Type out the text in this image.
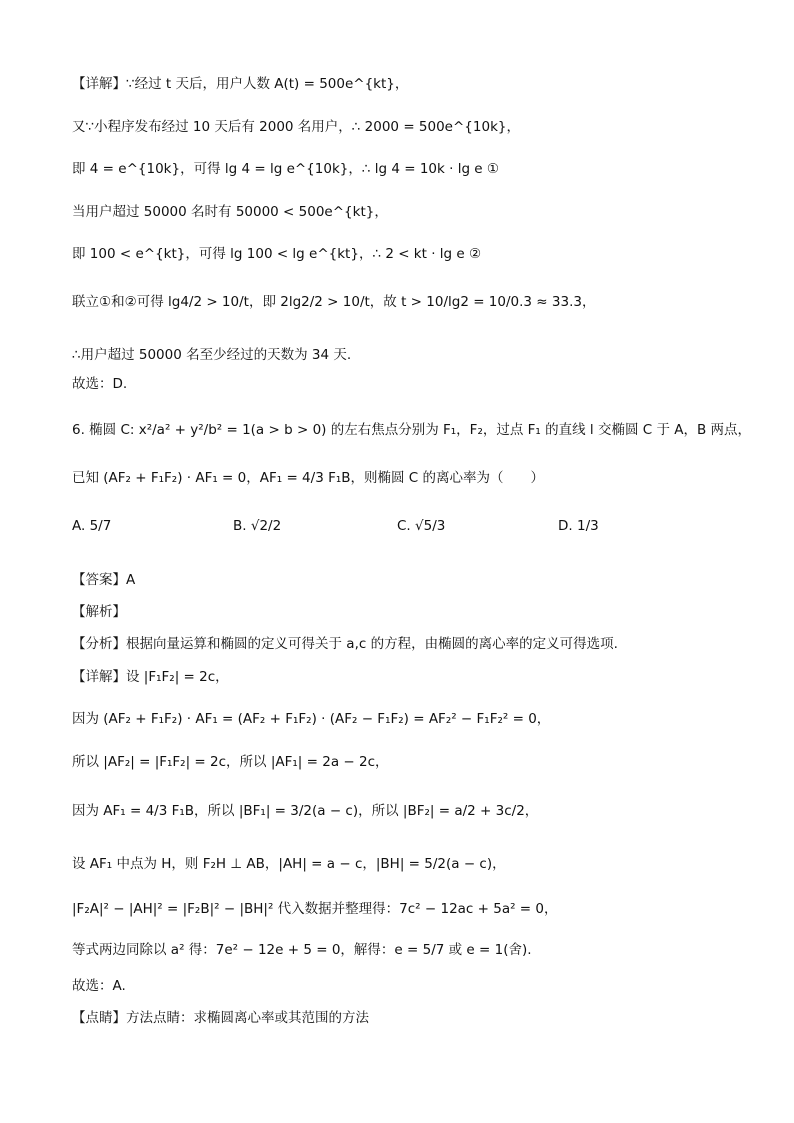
【详解】∵经过 t 天后，用户人数 A(t) = 500e^{kt}，
又∵小程序发布经过 10 天后有 2000 名用户，∴ 2000 = 500e^{10k}，
即 4 = e^{10k}，可得 lg 4 = lg e^{10k}，∴ lg 4 = 10k · lg e ①
当用户超过 50000 名时有 50000 < 500e^{kt}，
即 100 < e^{kt}，可得 lg 100 < lg e^{kt}，∴ 2 < kt · lg e ②
联立①和②可得 lg4/2 > 10/t，即 2lg2/2 > 10/t，故 t > 10/lg2 = 10/0.3 ≈ 33.3，
∴用户超过 50000 名至少经过的天数为 34 天.
故选：D.
6. 椭圆 C: x²/a² + y²/b² = 1(a > b > 0) 的左右焦点分别为 F₁，F₂，过点 F₁ 的直线 l 交椭圆 C 于 A，B 两点，
已知 (AF₂ + F₁F₂) · AF₁ = 0，AF₁ = 4/3 F₁B，则椭圆 C 的离心率为（　　）
【答案】A
【解析】
【分析】根据向量运算和椭圆的定义可得关于 a,c 的方程，由椭圆的离心率的定义可得选项.
【详解】设 |F₁F₂| = 2c，
因为 (AF₂ + F₁F₂) · AF₁ = (AF₂ + F₁F₂) · (AF₂ − F₁F₂) = AF₂² − F₁F₂² = 0，
所以 |AF₂| = |F₁F₂| = 2c，所以 |AF₁| = 2a − 2c，
因为 AF₁ = 4/3 F₁B，所以 |BF₁| = 3/2(a − c)，所以 |BF₂| = a/2 + 3c/2，
设 AF₁ 中点为 H，则 F₂H ⊥ AB，|AH| = a − c，|BH| = 5/2(a − c)，
|F₂A|² − |AH|² = |F₂B|² − |BH|² 代入数据并整理得：7c² − 12ac + 5a² = 0，
等式两边同除以 a² 得：7e² − 12e + 5 = 0，解得：e = 5/7 或 e = 1(舍).
故选：A.
【点睛】方法点睛：求椭圆离心率或其范围的方法
A. 5/7	B. √2/2	C. √5/3	D. 1/3
